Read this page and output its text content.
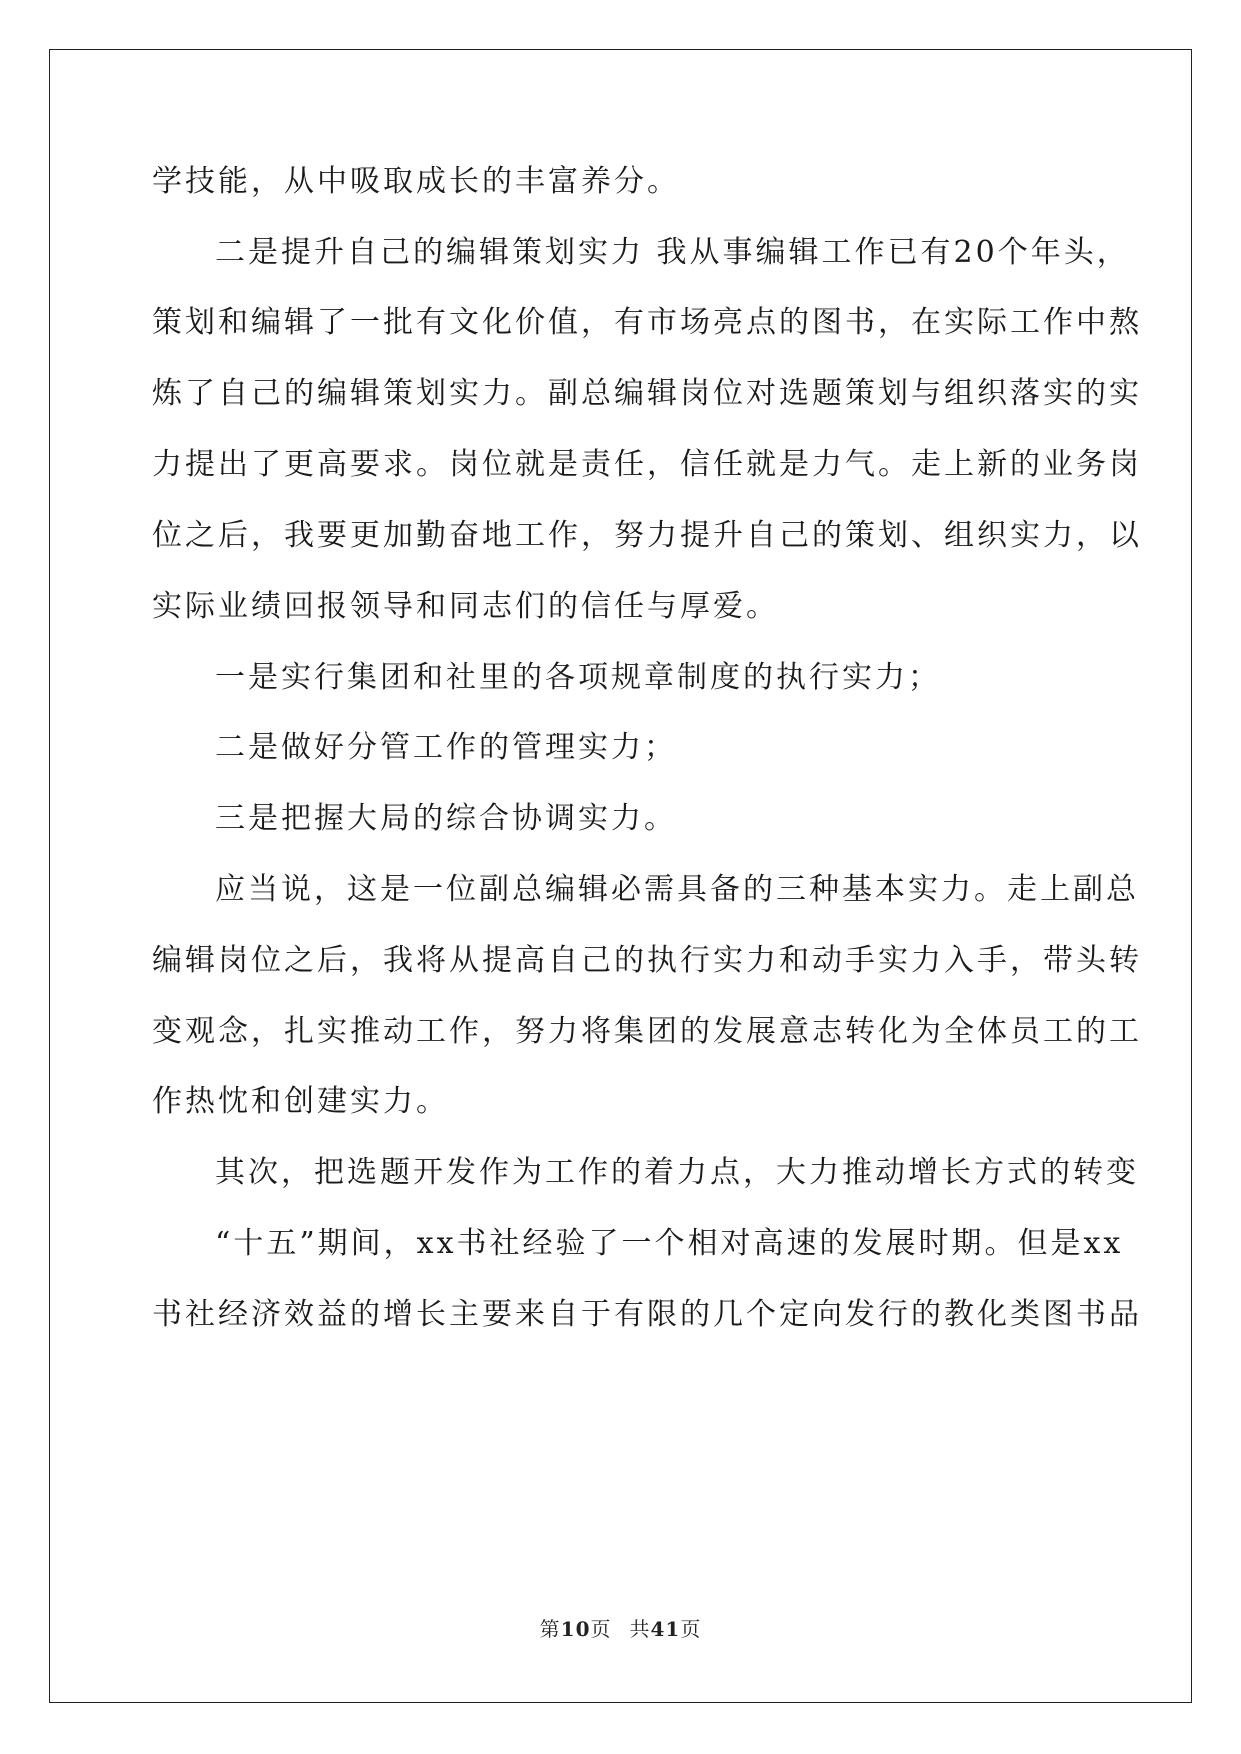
学技能，从中吸取成长的丰富养分。
二是提升自己的编辑策划实力 我从事编辑工作已有20个年头，
策划和编辑了一批有文化价值，有市场亮点的图书，在实际工作中熬
炼了自己的编辑策划实力。副总编辑岗位对选题策划与组织落实的实
力提出了更高要求。岗位就是责任，信任就是力气。走上新的业务岗
位之后，我要更加勤奋地工作，努力提升自己的策划、组织实力，以
实际业绩回报领导和同志们的信任与厚爱。
一是实行集团和社里的各项规章制度的执行实力；
二是做好分管工作的管理实力；
三是把握大局的综合协调实力。
应当说，这是一位副总编辑必需具备的三种基本实力。走上副总
编辑岗位之后，我将从提高自己的执行实力和动手实力入手，带头转
变观念，扎实推动工作，努力将集团的发展意志转化为全体员工的工
作热忱和创建实力。
其次，把选题开发作为工作的着力点，大力推动增长方式的转变
“十五”期间，xx书社经验了一个相对高速的发展时期。但是xx
书社经济效益的增长主要来自于有限的几个定向发行的教化类图书品
第10页 共41页
